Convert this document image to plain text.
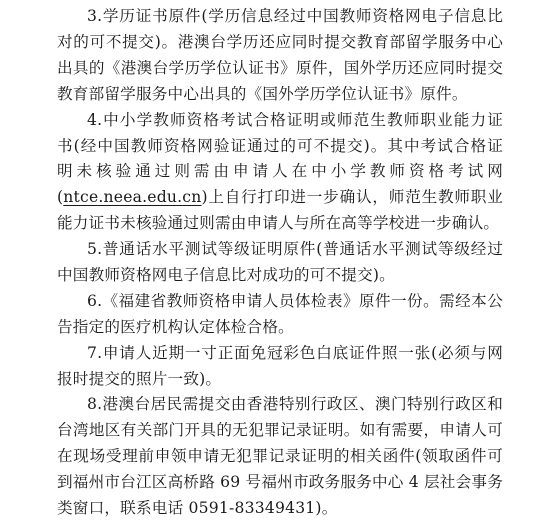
3.学历证书原件(学历信息经过中国教师资格网电子信息比
对的可不提交)。港澳台学历还应同时提交教育部留学服务中心
出具的《港澳台学历学位认证书》原件，国外学历还应同时提交
教育部留学服务中心出具的《国外学历学位认证书》原件。
4.中小学教师资格考试合格证明或师范生教师职业能力证
书(经中国教师资格网验证通过的可不提交)。其中考试合格证
明未核验通过则需由申请人在中小学教师资格考试网
(ntce.neea.edu.cn)上自行打印进一步确认，师范生教师职业
能力证书未核验通过则需由申请人与所在高等学校进一步确认。
5.普通话水平测试等级证明原件(普通话水平测试等级经过
中国教师资格网电子信息比对成功的可不提交)。
6.《福建省教师资格申请人员体检表》原件一份。需经本公
告指定的医疗机构认定体检合格。
7.申请人近期一寸正面免冠彩色白底证件照一张(必须与网
报时提交的照片一致)。
8.港澳台居民需提交由香港特别行政区、澳门特别行政区和
台湾地区有关部门开具的无犯罪记录证明。如有需要，申请人可
在现场受理前申领申请无犯罪记录证明的相关函件(领取函件可
到福州市台江区高桥路 69 号福州市政务服务中心 4 层社会事务
类窗口，联系电话 0591-83349431)。
